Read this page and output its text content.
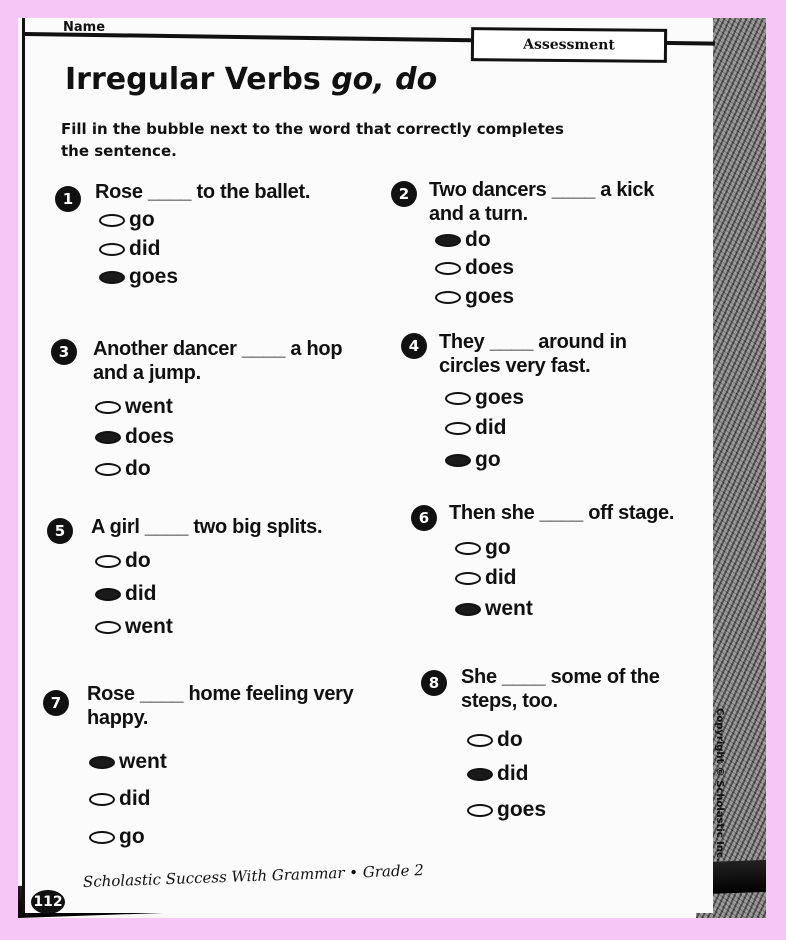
Name
Assessment
Irregular Verbs go, do
Fill in the bubble next to the word that correctly completes the sentence.
1	Rose ____ to the ballet.
go
did
goes
2 Two dancers ____ a kick and a turn.
do
does
goes
3	Another dancer ____ a hop and a jump.
went
does
do
4 They ____ around in circles very fast.
goes
did
go
5	A girl ____ two big splits.
do
did
went
6 Then she ____ off stage.
go
did
went
7	Rose ____ home feeling very happy.
went
did
go
8	She ____ some of the steps, too.
do
did
goes
Scholastic Success With Grammar • Grade 2
112
Copyright © Scholastic Inc.
